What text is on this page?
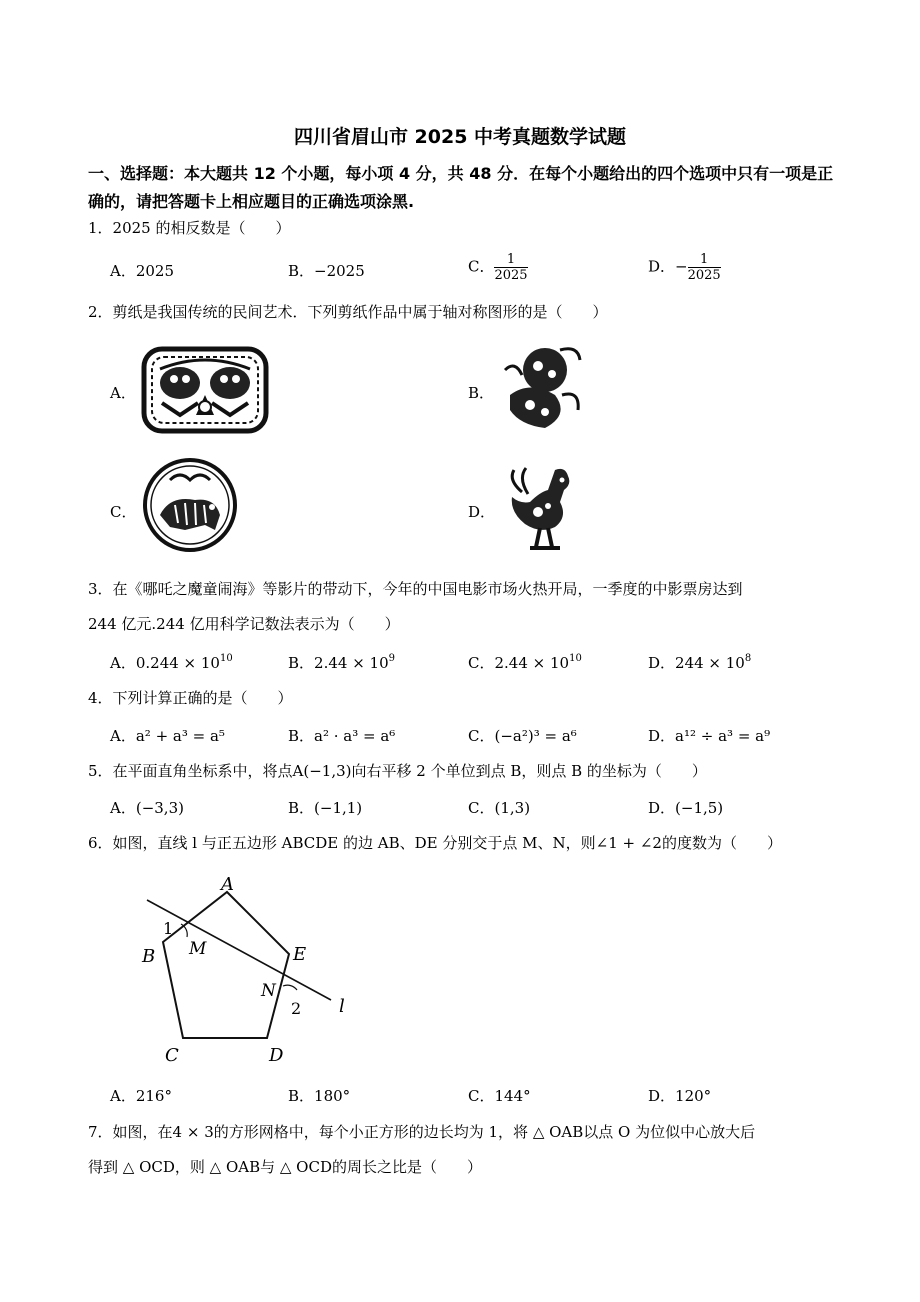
四川省眉山市 2025 中考真题数学试题
一、选择题：本大题共 12 个小题，每小项 4 分，共 48 分．在每个小题给出的四个选项中只有一项是正确的，请把答题卡上相应题目的正确选项涂黑.
1．2025 的相反数是（　　）
A．2025	B．−2025	C． $\frac{1}{2025}$	D．− $\frac{1}{2025}$
2．剪纸是我国传统的民间艺术．下列剪纸作品中属于轴对称图形的是（　　）
A．	B．
C．	D．
3．在《哪吒之魔童闹海》等影片的带动下，今年的中国电影市场火热开局，一季度的中影票房达到
244 亿元.244 亿用科学记数法表示为（　　）
A．$0.244 \times 10^{10}$	B．$2.44 \times 10^9$	C．$2.44 \times 10^{10}$	D．$244 \times 10^8$
4．下列计算正确的是（　　）
A．a² + a³ = a⁵	B．a² · a³ = a⁶	C．(−a²)³ = a⁶	D．a¹² ÷ a³ = a⁹
5．在平面直角坐标系中，将点A(−1,3)向右平移 2 个单位到点 B，则点 B 的坐标为（　　）
A．(−3,3)	B．(−1,1)	C．(1,3)	D．(−1,5)
6．如图，直线 l 与正五边形 ABCDE 的边 AB、DE 分别交于点 M、N，则∠1 + ∠2的度数为（　　）
A
B
C	D
E
M
N
1
2 l
A．216°	B．180°	C．144°	D．120°
7．如图，在4 × 3的方形网格中，每个小正方形的边长均为 1，将 △ OAB以点 O 为位似中心放大后
得到 △ OCD，则 △ OAB与 △ OCD的周长之比是（　　）
